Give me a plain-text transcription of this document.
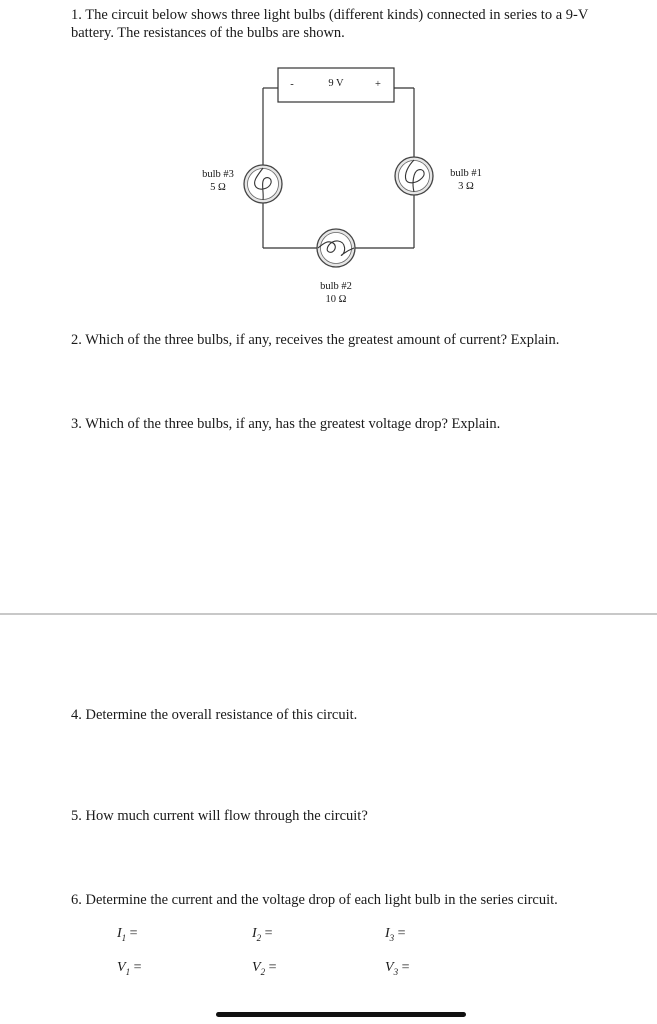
1. The circuit below shows three light bulbs (different kinds) connected in series to a 9-V battery. The resistances of the bulbs are shown.

-	9 V	+
bulb #3
5 Ω
bulb #1
3 Ω
bulb #2
10 Ω

2. Which of the three bulbs, if any, receives the greatest amount of current? Explain.

3. Which of the three bulbs, if any, has the greatest voltage drop? Explain.

4. Determine the overall resistance of this circuit.

5. How much current will flow through the circuit?

6. Determine the current and the voltage drop of each light bulb in the series circuit.

$I_1$ =	$I_2$ =	$I_3$ =
$V_1$ =	$V_2$ =	$V_3$ =
